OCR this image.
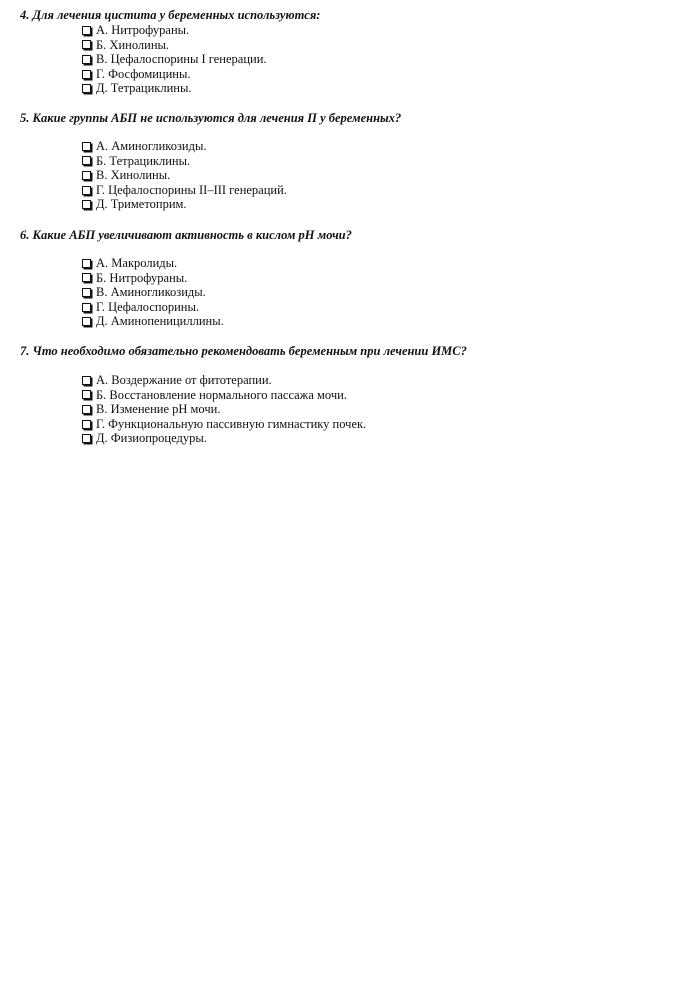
4. Для лечения цистита у беременных используются:
А. Нитрофураны.
Б. Хинолины.
В. Цефалоспорины I генерации.
Г. Фосфомицины.
Д. Тетрациклины.
5. Какие группы АБП не используются для лечения П у беременных?
А. Аминогликозиды.
Б. Тетрациклины.
В. Хинолины.
Г. Цефалоспорины II–III генераций.
Д. Триметоприм.
6. Какие АБП увеличивают активность в кислом pH мочи?
А. Макролиды.
Б. Нитрофураны.
В. Аминогликозиды.
Г. Цефалоспорины.
Д. Аминопенициллины.
7. Что необходимо обязательно рекомендовать беременным при лечении ИМС?
А. Воздержание от фитотерапии.
Б. Восстановление нормального пассажа мочи.
В. Изменение pH мочи.
Г. Функциональную пассивную гимнастику почек.
Д. Физиопроцедуры.
